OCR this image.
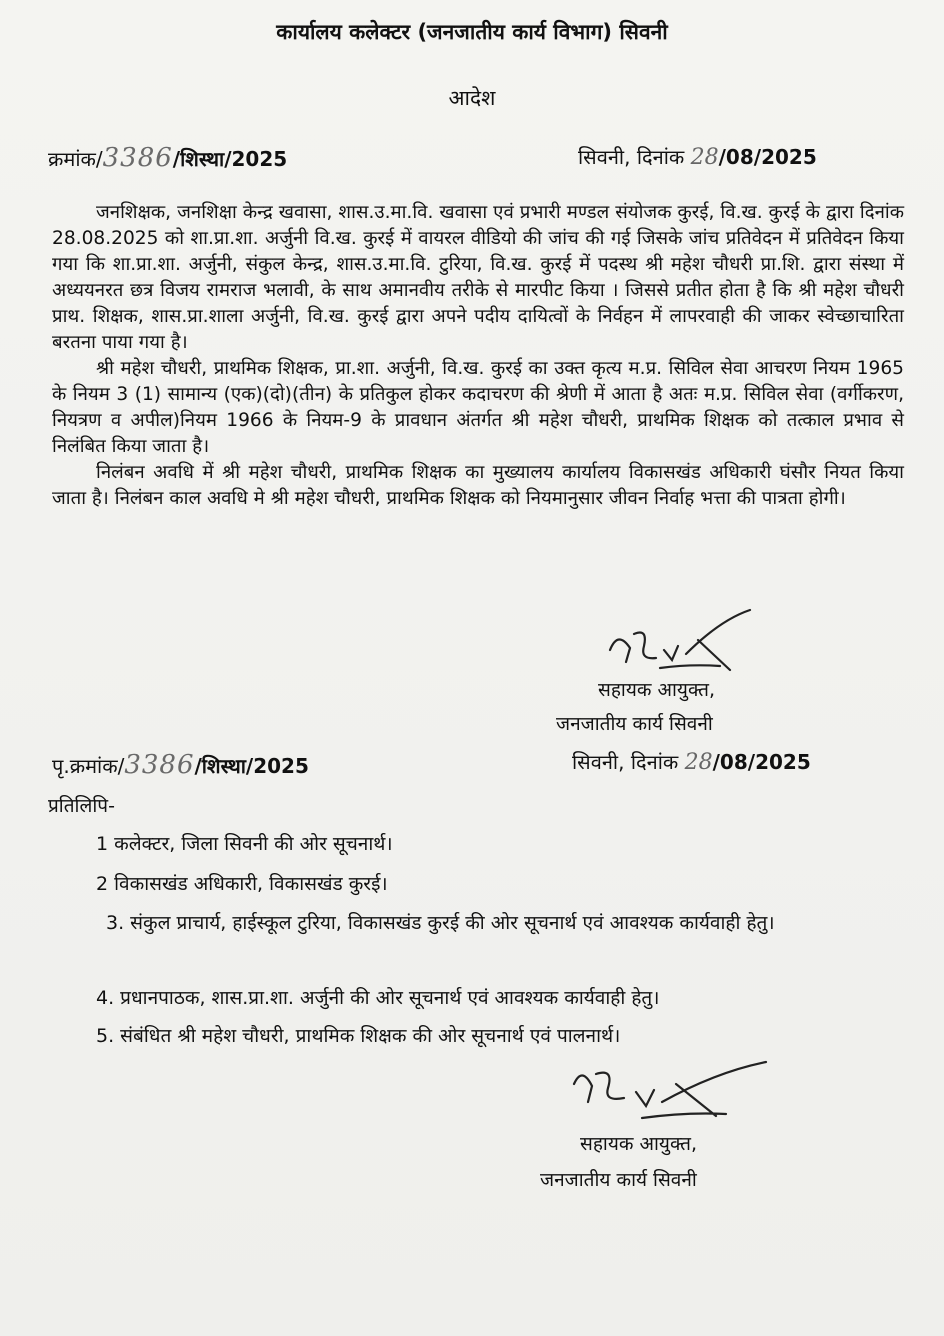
कार्यालय कलेक्टर (जनजातीय कार्य विभाग) सिवनी
आदेश
क्रमांक/3386/शिस्था/2025	सिवनी, दिनांक 28/08/2025

जनशिक्षक, जनशिक्षा केन्द्र खवासा, शास.उ.मा.वि. खवासा एवं प्रभारी मण्डल संयोजक कुरई, वि.ख. कुरई के द्वारा दिनांक 28.08.2025 को शा.प्रा.शा. अर्जुनी वि.ख. कुरई में वायरल वीडियो की जांच की गई जिसके जांच प्रतिवेदन में प्रतिवेदन किया गया कि शा.प्रा.शा. अर्जुनी, संकुल केन्द्र, शास.उ.मा.वि. टुरिया, वि.ख. कुरई में पदस्थ श्री महेश चौधरी प्रा.शि. द्वारा संस्था में अध्ययनरत छत्र विजय रामराज भलावी, के साथ अमानवीय तरीके से मारपीट किया । जिससे प्रतीत होता है कि श्री महेश चौधरी प्राथ. शिक्षक, शास.प्रा.शाला अर्जुनी, वि.ख. कुरई द्वारा अपने पदीय दायित्वों के निर्वहन में लापरवाही की जाकर स्वेच्छाचारिता बरतना पाया गया है।

श्री महेश चौधरी, प्राथमिक शिक्षक, प्रा.शा. अर्जुनी, वि.ख. कुरई का उक्त कृत्य म.प्र. सिविल सेवा आचरण नियम 1965 के नियम 3 (1) सामान्य (एक)(दो)(तीन) के प्रतिकुल होकर कदाचरण की श्रेणी में आता है अतः म.प्र. सिविल सेवा (वर्गीकरण, नियत्रण व अपील)नियम 1966 के नियम-9 के प्रावधान अंतर्गत श्री महेश चौधरी, प्राथमिक शिक्षक को तत्काल प्रभाव से निलंबित किया जाता है।

निलंबन अवधि में श्री महेश चौधरी, प्राथमिक शिक्षक का मुख्यालय कार्यालय विकासखंड अधिकारी घंसौर नियत किया जाता है। निलंबन काल अवधि मे श्री महेश चौधरी, प्राथमिक शिक्षक को नियमानुसार जीवन निर्वाह भत्ता की पात्रता होगी।

सहायक आयुक्त,
जनजातीय कार्य सिवनी
पृ.क्रमांक/3386/शिस्था/2025	सिवनी, दिनांक 28/08/2025
प्रतिलिपि-
1 कलेक्टर, जिला सिवनी की ओर सूचनार्थ।
2 विकासखंड अधिकारी, विकासखंड कुरई।
3. संकुल प्राचार्य, हाईस्कूल टुरिया, विकासखंड कुरई की ओर सूचनार्थ एवं आवश्यक कार्यवाही हेतु।
4. प्रधानपाठक, शास.प्रा.शा. अर्जुनी की ओर सूचनार्थ एवं आवश्यक कार्यवाही हेतु।
5. संबंधित श्री महेश चौधरी, प्राथमिक शिक्षक की ओर सूचनार्थ एवं पालनार्थ।
सहायक आयुक्त,
जनजातीय कार्य सिवनी
